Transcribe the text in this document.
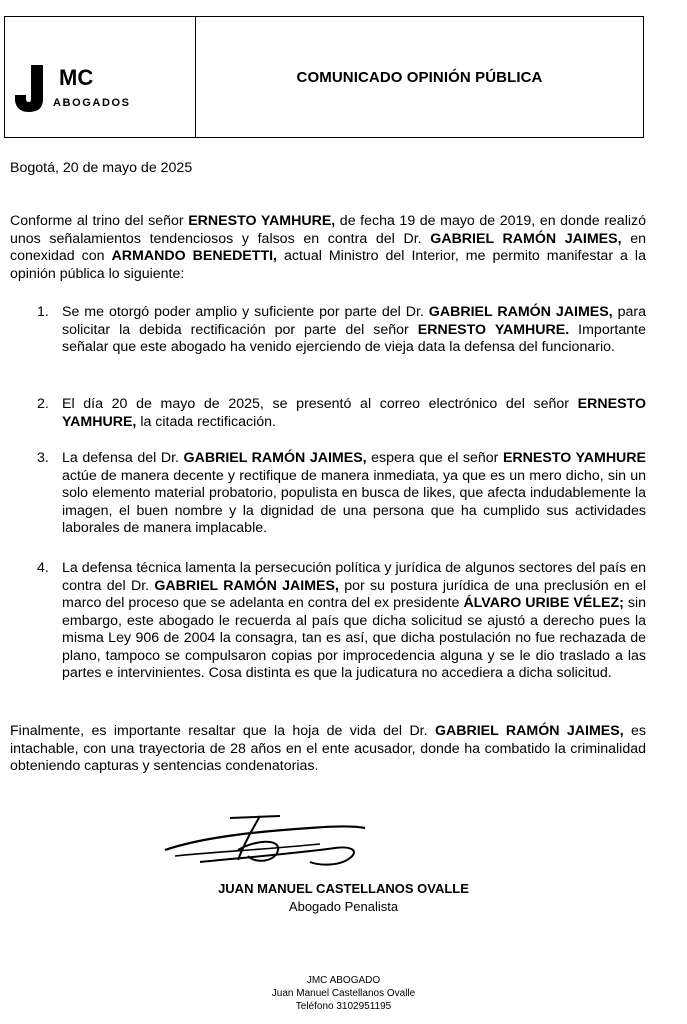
MC
ABOGADOS
COMUNICADO OPINIÓN PÚBLICA

Bogotá, 20 de mayo de 2025

Conforme al trino del señor ERNESTO YAMHURE, de fecha 19 de mayo de 2019, en donde realizó unos señalamientos tendenciosos y falsos en contra del Dr. GABRIEL RAMÓN JAIMES, en conexidad con ARMANDO BENEDETTI, actual Ministro del Interior, me permito manifestar a la opinión pública lo siguiente:

1. Se me otorgó poder amplio y suficiente por parte del Dr. GABRIEL RAMÓN JAIMES, para solicitar la debida rectificación por parte del señor ERNESTO YAMHURE. Importante señalar que este abogado ha venido ejerciendo de vieja data la defensa del funcionario.
2. El día 20 de mayo de 2025, se presentó al correo electrónico del señor ERNESTO YAMHURE, la citada rectificación.
3. La defensa del Dr. GABRIEL RAMÓN JAIMES, espera que el señor ERNESTO YAMHURE actúe de manera decente y rectifique de manera inmediata, ya que es un mero dicho, sin un solo elemento material probatorio, populista en busca de likes, que afecta indudablemente la imagen, el buen nombre y la dignidad de una persona que ha cumplido sus actividades laborales de manera implacable.
4. La defensa técnica lamenta la persecución política y jurídica de algunos sectores del país en contra del Dr. GABRIEL RAMÓN JAIMES, por su postura jurídica de una preclusión en el marco del proceso que se adelanta en contra del ex presidente ÁLVARO URIBE VÉLEZ; sin embargo, este abogado le recuerda al país que dicha solicitud se ajustó a derecho pues la misma Ley 906 de 2004 la consagra, tan es así, que dicha postulación no fue rechazada de plano, tampoco se compulsaron copias por improcedencia alguna y se le dio traslado a las partes e intervinientes. Cosa distinta es que la judicatura no accediera a dicha solicitud.

Finalmente, es importante resaltar que la hoja de vida del Dr. GABRIEL RAMÓN JAIMES, es intachable, con una trayectoria de 28 años en el ente acusador, donde ha combatido la criminalidad obteniendo capturas y sentencias condenatorias.

JUAN MANUEL CASTELLANOS OVALLE
Abogado Penalista
JMC ABOGADO
Juan Manuel Castellanos Ovalle
Teléfono 3102951195
